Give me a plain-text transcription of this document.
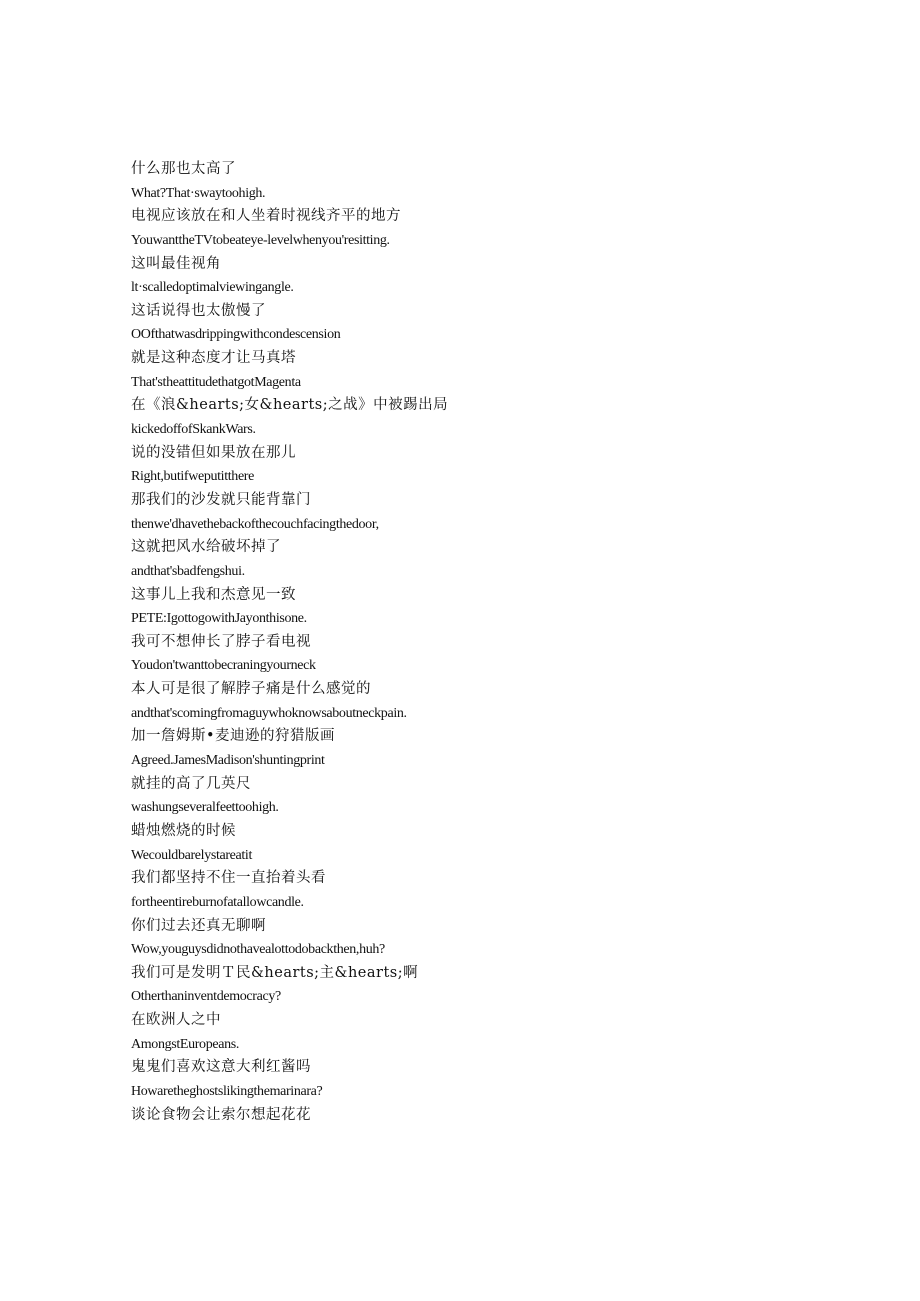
什么那也太高了
What?That·swaytoohigh.
电视应该放在和人坐着时视线齐平的地方
YouwanttheTVtobeateye-levelwhenyou'resitting.
这叫最佳视角
lt·scalledoptimalviewingangle.
这话说得也太傲慢了
OOfthatwasdrippingwithcondescension
就是这种态度才让马真塔
That'stheattitudethatgotMagenta
在《浪&hearts;女&hearts;之战》中被踢出局
kickedoffofSkankWars.
说的没错但如果放在那儿
Right,butifweputitthere
那我们的沙发就只能背靠门
thenwe'dhavethebackofthecouchfacingthedoor,
这就把风水给破坏掉了
andthat'sbadfengshui.
这事儿上我和杰意见一致
PETE:IgottogowithJayonthisone.
我可不想伸长了脖子看电视
Youdon'twanttobecraningyourneck
本人可是很了解脖子痛是什么感觉的
andthat'scomingfromaguywhoknowsaboutneckpain.
加一詹姆斯•麦迪逊的狩猎版画
Agreed.JamesMadison'shuntingprint
就挂的高了几英尺
washungseveralfeettoohigh.
蜡烛燃烧的时候
Wecouldbarelystareatit
我们都坚持不住一直抬着头看
fortheentireburnofatallowcandle.
你们过去还真无聊啊
Wow,youguysdidnothavealottodobackthen,huh?
我们可是发明Ｔ民&hearts;主&hearts;啊
Otherthaninventdemocracy?
在欧洲人之中
AmongstEuropeans.
鬼鬼们喜欢这意大利红酱吗
Howaretheghostslikingthemarinara?
谈论食物会让索尔想起花花
